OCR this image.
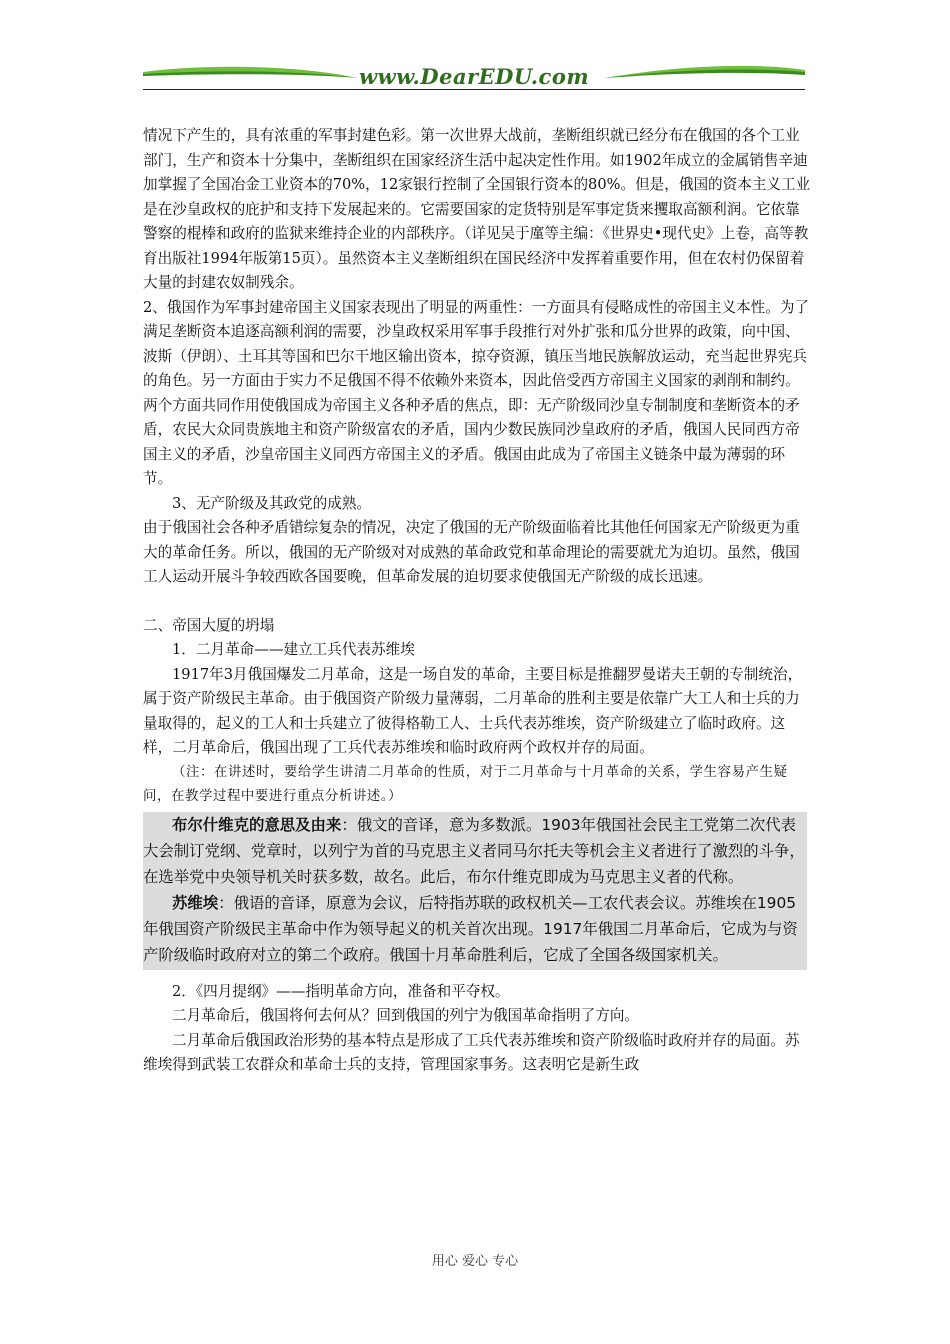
www.DearEDU.com

情况下产生的，具有浓重的军事封建色彩。第一次世界大战前，垄断组织就已经分布在俄国的各个工业部门，生产和资本十分集中，垄断组织在国家经济生活中起决定性作用。如1902年成立的金属销售辛迪加掌握了全国冶金工业资本的70%，12家银行控制了全国银行资本的80%。但是，俄国的资本主义工业是在沙皇政权的庇护和支持下发展起来的。它需要国家的定货特别是军事定货来攫取高额利润。它依靠警察的棍棒和政府的监狱来维持企业的内部秩序。（详见吴于廑等主编：《世界史•现代史》上卷，高等教育出版社1994年版第15页）。虽然资本主义垄断组织在国民经济中发挥着重要作用，但在农村仍保留着大量的封建农奴制残余。

2、俄国作为军事封建帝国主义国家表现出了明显的两重性：一方面具有侵略成性的帝国主义本性。为了满足垄断资本追逐高额利润的需要，沙皇政权采用军事手段推行对外扩张和瓜分世界的政策，向中国、波斯（伊朗）、土耳其等国和巴尔干地区输出资本，掠夺资源，镇压当地民族解放运动，充当起世界宪兵的角色。另一方面由于实力不足俄国不得不依赖外来资本，因此倍受西方帝国主义国家的剥削和制约。两个方面共同作用使俄国成为帝国主义各种矛盾的焦点，即：无产阶级同沙皇专制制度和垄断资本的矛盾，农民大众同贵族地主和资产阶级富农的矛盾，国内少数民族同沙皇政府的矛盾，俄国人民同西方帝国主义的矛盾，沙皇帝国主义同西方帝国主义的矛盾。俄国由此成为了帝国主义链条中最为薄弱的环节。

3、无产阶级及其政党的成熟。

由于俄国社会各种矛盾错综复杂的情况，决定了俄国的无产阶级面临着比其他任何国家无产阶级更为重大的革命任务。所以，俄国的无产阶级对对成熟的革命政党和革命理论的需要就尤为迫切。虽然，俄国工人运动开展斗争较西欧各国要晚，但革命发展的迫切要求使俄国无产阶级的成长迅速。

二、帝国大厦的坍塌

1．二月革命——建立工兵代表苏维埃

1917年3月俄国爆发二月革命，这是一场自发的革命，主要目标是推翻罗曼诺夫王朝的专制统治，属于资产阶级民主革命。由于俄国资产阶级力量薄弱，二月革命的胜利主要是依靠广大工人和士兵的力量取得的，起义的工人和士兵建立了彼得格勒工人、士兵代表苏维埃，资产阶级建立了临时政府。这样，二月革命后，俄国出现了工兵代表苏维埃和临时政府两个政权并存的局面。

（注：在讲述时，要给学生讲清二月革命的性质，对于二月革命与十月革命的关系，学生容易产生疑问，在教学过程中要进行重点分析讲述。）

布尔什维克的意思及由来：俄文的音译，意为多数派。1903年俄国社会民主工党第二次代表大会制订党纲、党章时，以列宁为首的马克思主义者同马尔托夫等机会主义者进行了激烈的斗争，在选举党中央领导机关时获多数，故名。此后，布尔什维克即成为马克思主义者的代称。

苏维埃：俄语的音译，原意为会议，后特指苏联的政权机关—工农代表会议。苏维埃在1905年俄国资产阶级民主革命中作为领导起义的机关首次出现。1917年俄国二月革命后，它成为与资产阶级临时政府对立的第二个政府。俄国十月革命胜利后，它成了全国各级国家机关。

2．《四月提纲》——指明革命方向，准备和平夺权。

二月革命后，俄国将何去何从？回到俄国的列宁为俄国革命指明了方向。

二月革命后俄国政治形势的基本特点是形成了工兵代表苏维埃和资产阶级临时政府并存的局面。苏维埃得到武装工农群众和革命士兵的支持，管理国家事务。这表明它是新生政

用心 爱心 专心
